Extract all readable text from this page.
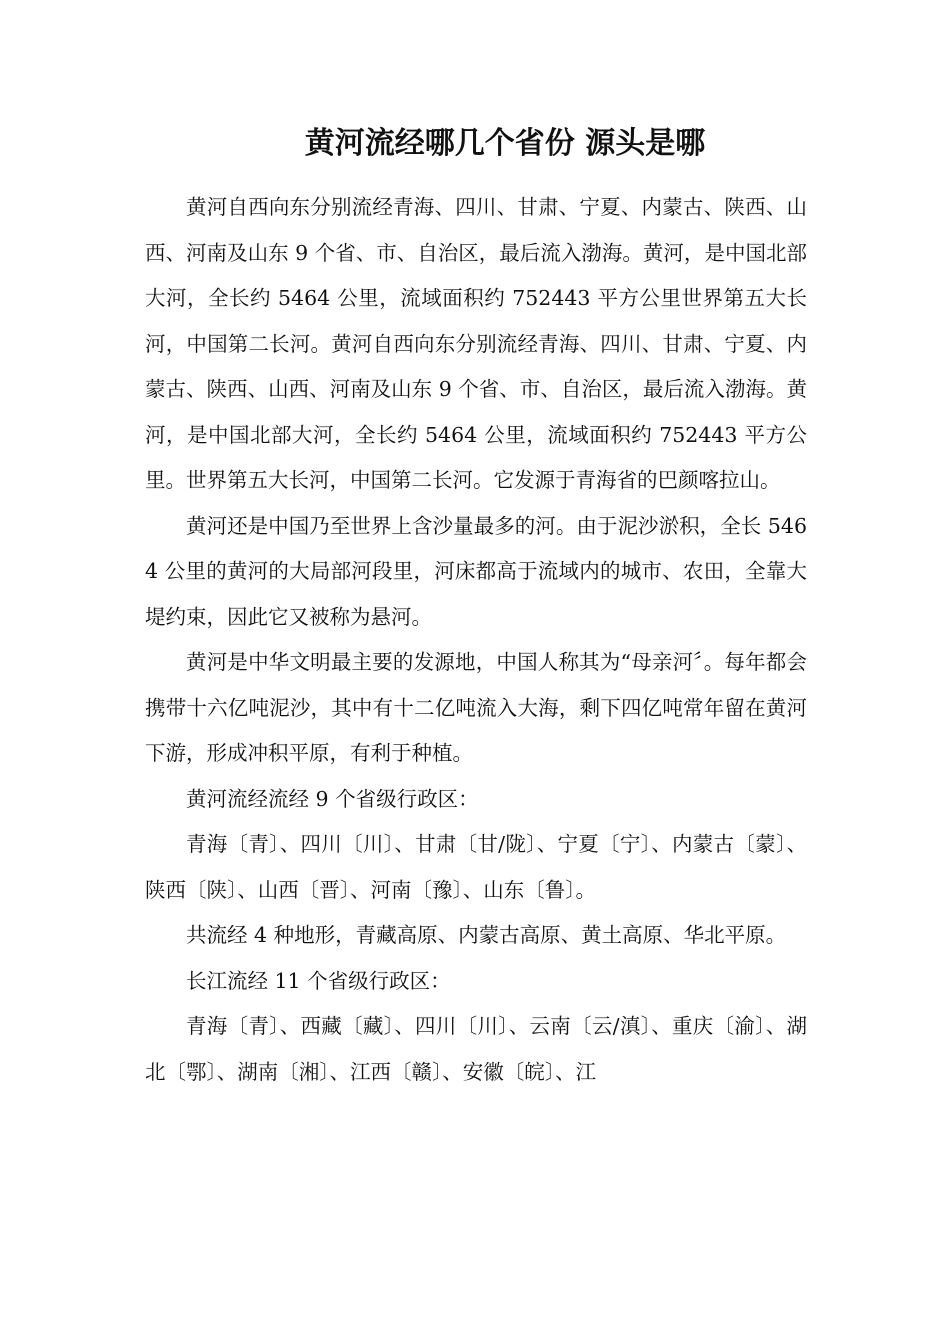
黄河流经哪几个省份 源头是哪

黄河自西向东分别流经青海、四川、甘肃、宁夏、内蒙古、陕西、山西、河南及山东 9 个省、市、自治区，最后流入渤海。黄河，是中国北部大河，全长约 5464 公里，流域面积约 752443 平方公里世界第五大长河，中国第二长河。黄河自西向东分别流经青海、四川、甘肃、宁夏、内蒙古、陕西、山西、河南及山东 9 个省、市、自治区，最后流入渤海。黄河，是中国北部大河，全长约 5464 公里，流域面积约 752443 平方公里。世界第五大长河，中国第二长河。它发源于青海省的巴颜喀拉山。

黄河还是中国乃至世界上含沙量最多的河。由于泥沙淤积，全长 5464 公里的黄河的大局部河段里，河床都高于流域内的城市、农田，全靠大堤约束，因此它又被称为悬河。

黄河是中华文明最主要的发源地，中国人称其为“母亲河〞。每年都会携带十六亿吨泥沙，其中有十二亿吨流入大海，剩下四亿吨常年留在黄河下游，形成冲积平原，有利于种植。

黄河流经流经 9 个省级行政区：

青海〔青〕、四川〔川〕、甘肃〔甘/陇〕、宁夏〔宁〕、内蒙古〔蒙〕、陕西〔陕〕、山西〔晋〕、河南〔豫〕、山东〔鲁〕。

共流经 4 种地形，青藏高原、内蒙古高原、黄土高原、华北平原。

长江流经 11 个省级行政区：

青海〔青〕、西藏〔藏〕、四川〔川〕、云南〔云/滇〕、重庆〔渝〕、湖北〔鄂〕、湖南〔湘〕、江西〔赣〕、安徽〔皖〕、江
